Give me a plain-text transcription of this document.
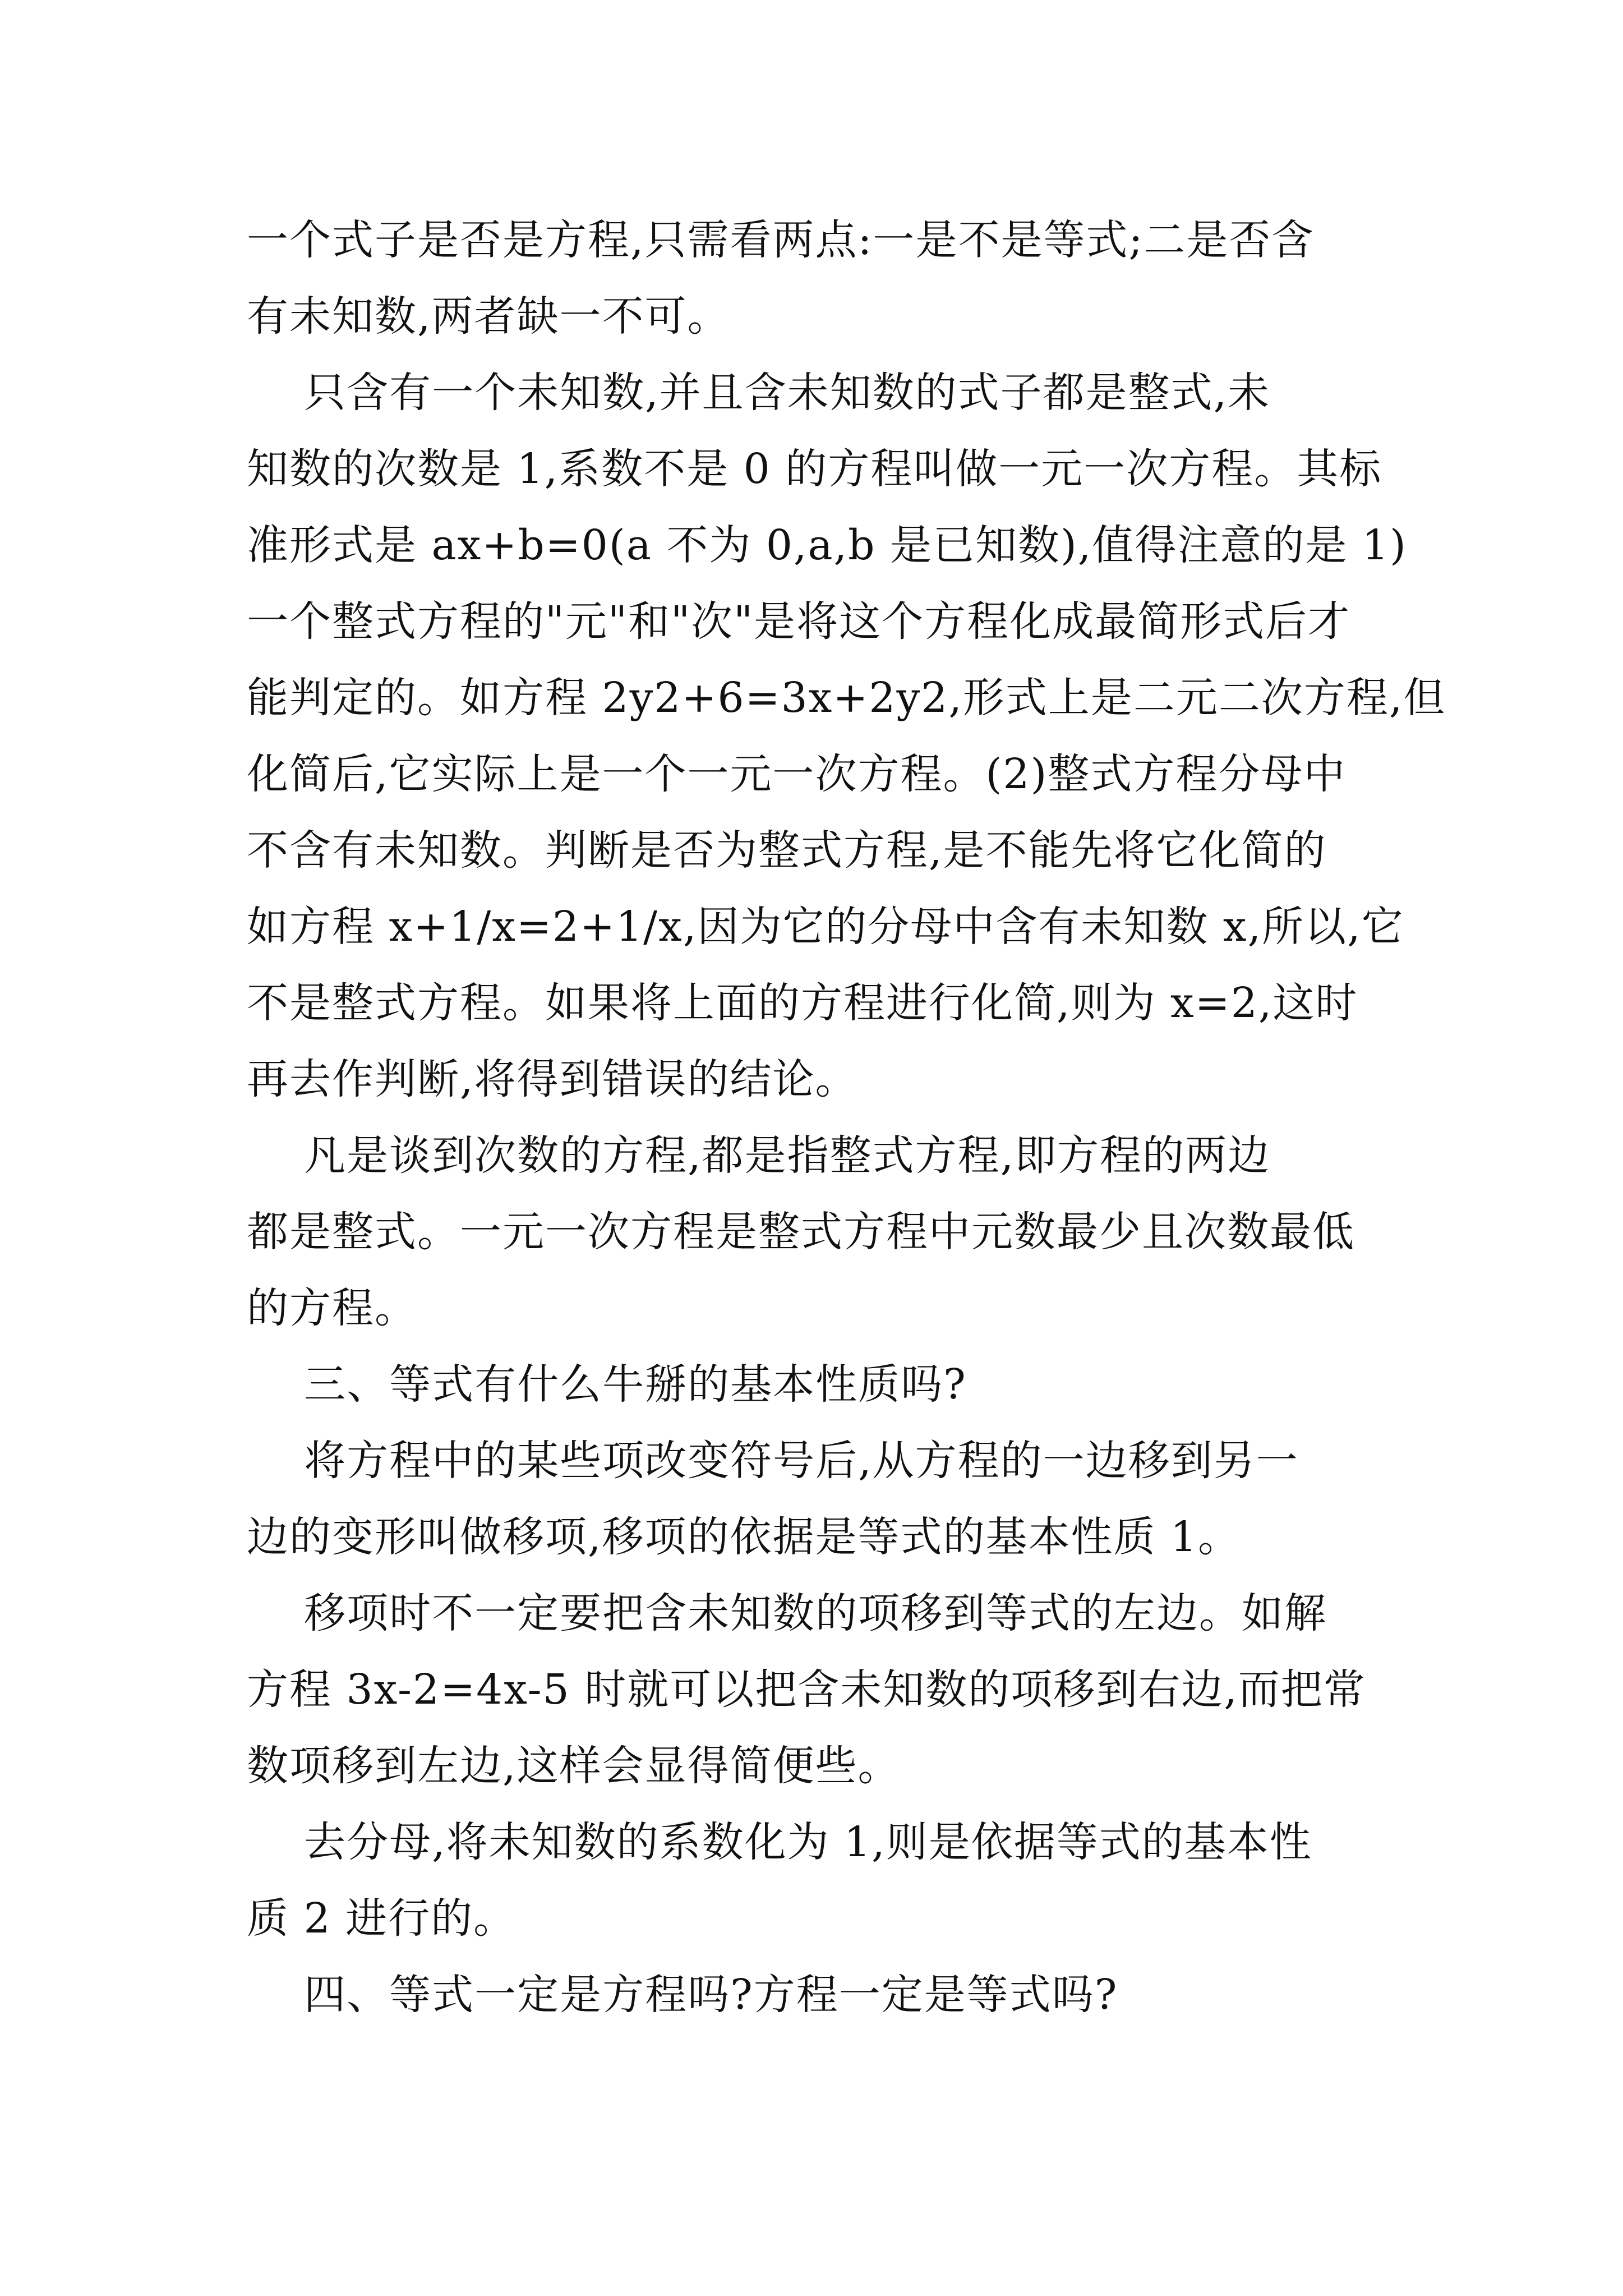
一个式子是否是方程,只需看两点:一是不是等式;二是否含
有未知数,两者缺一不可。
只含有一个未知数,并且含未知数的式子都是整式,未
知数的次数是 1,系数不是 0 的方程叫做一元一次方程。其标
准形式是 ax+b=0(a 不为 0,a,b 是已知数),值得注意的是 1)
一个整式方程的"元"和"次"是将这个方程化成最简形式后才
能判定的。如方程 2y2+6=3x+2y2,形式上是二元二次方程,但
化简后,它实际上是一个一元一次方程。(2)整式方程分母中
不含有未知数。判断是否为整式方程,是不能先将它化简的
如方程 x+1/x=2+1/x,因为它的分母中含有未知数 x,所以,它
不是整式方程。如果将上面的方程进行化简,则为 x=2,这时
再去作判断,将得到错误的结论。
凡是谈到次数的方程,都是指整式方程,即方程的两边
都是整式。一元一次方程是整式方程中元数最少且次数最低
的方程。
三、等式有什么牛掰的基本性质吗?
将方程中的某些项改变符号后,从方程的一边移到另一
边的变形叫做移项,移项的依据是等式的基本性质 1。
移项时不一定要把含未知数的项移到等式的左边。如解
方程 3x-2=4x-5 时就可以把含未知数的项移到右边,而把常
数项移到左边,这样会显得简便些。
去分母,将未知数的系数化为 1,则是依据等式的基本性
质 2 进行的。
四、等式一定是方程吗?方程一定是等式吗?
